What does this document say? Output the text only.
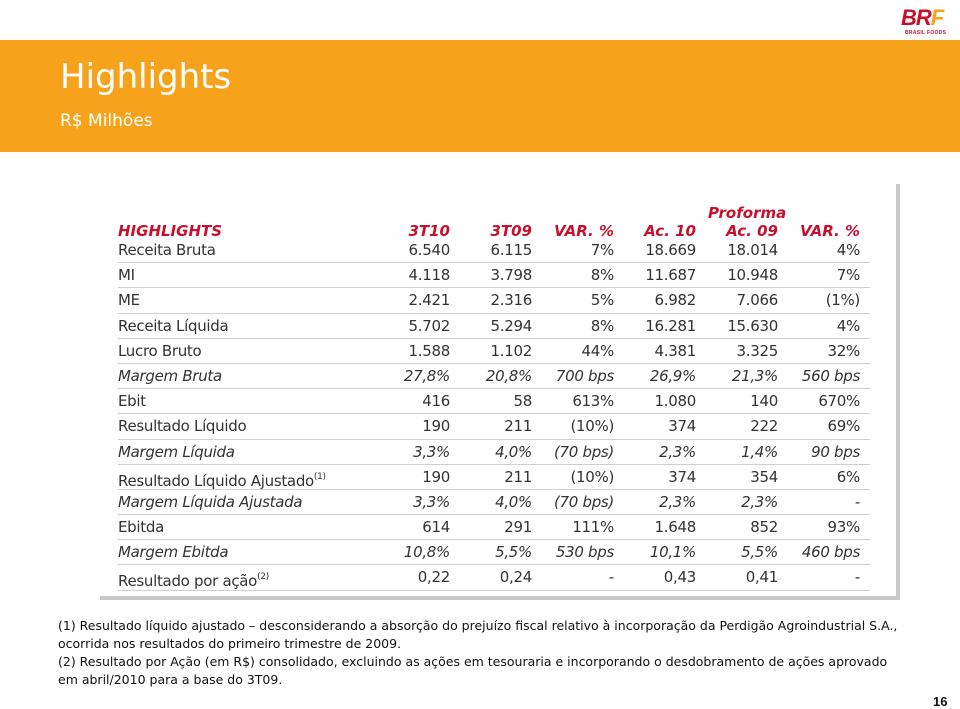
BRF
BRASIL FOODS
Highlights
R$ Milhões
Proforma
HIGHLIGHTS	3T10	3T09	VAR. %	Ac. 10	Ac. 09	VAR. %
Receita Bruta	6.540	6.115	7%	18.669	18.014	4%
MI	4.118	3.798	8%	11.687	10.948	7%
ME	2.421	2.316	5%	6.982	7.066	(1%)
Receita Líquida	5.702	5.294	8%	16.281	15.630	4%
Lucro Bruto	1.588	1.102	44%	4.381	3.325	32%
Margem Bruta	27,8%	20,8%	700 bps	26,9%	21,3%	560 bps
Ebit	416	58	613%	1.080	140	670%
Resultado Líquido	190	211	(10%)	374	222	69%
Margem Líquida	3,3%	4,0%	(70 bps)	2,3%	1,4%	90 bps
Resultado Líquido Ajustado$^{(1)}$	190	211	(10%)	374	354	6%
Margem Líquida Ajustada	3,3%	4,0%	(70 bps)	2,3%	2,3%	-
Ebitda	614	291	111%	1.648	852	93%
Margem Ebitda	10,8%	5,5%	530 bps	10,1%	5,5%	460 bps
Resultado por ação$^{(2)}$	0,22	0,24	-	0,43	0,41	-

(1) Resultado líquido ajustado – desconsiderando a absorção do prejuízo fiscal relativo à incorporação da Perdigão Agroindustrial S.A., ocorrida nos resultados do primeiro trimestre de 2009.

(2) Resultado por Ação (em R$) consolidado, excluindo as ações em tesouraria e incorporando o desdobramento de ações aprovado em abril/2010 para a base do 3T09.

16
